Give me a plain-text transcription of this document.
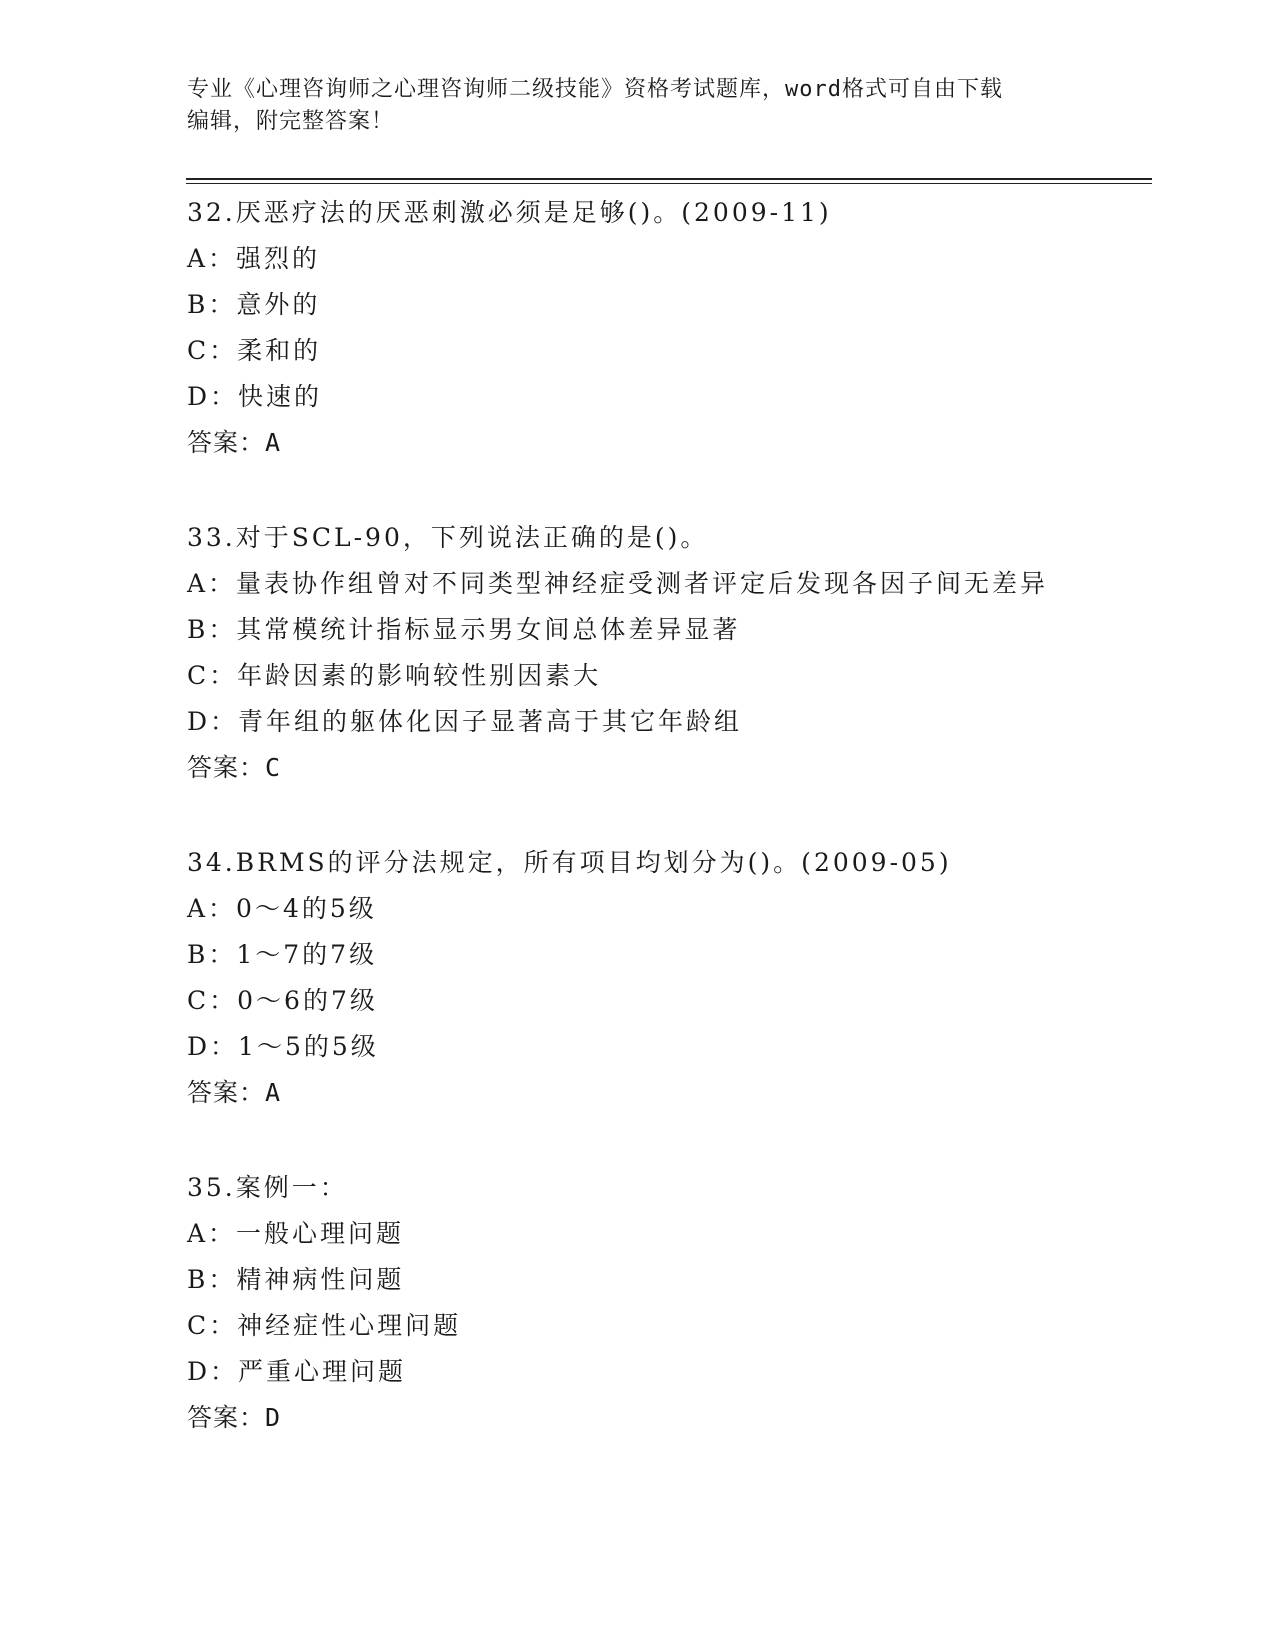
专业《心理咨询师之心理咨询师二级技能》资格考试题库，word格式可自由下载
编辑，附完整答案！
32.厌恶疗法的厌恶刺激必须是足够()。(2009-11)
A：强烈的
B：意外的
C：柔和的
D：快速的
答案：A
33.对于SCL-90，下列说法正确的是()。
A：量表协作组曾对不同类型神经症受测者评定后发现各因子间无差异
B：其常模统计指标显示男女间总体差异显著
C：年龄因素的影响较性别因素大
D：青年组的躯体化因子显著高于其它年龄组
答案：C
34.BRMS的评分法规定，所有项目均划分为()。(2009-05)
A：0～4的5级
B：1～7的7级
C：0～6的7级
D：1～5的5级
答案：A
35.案例一：
A：一般心理问题
B：精神病性问题
C：神经症性心理问题
D：严重心理问题
答案：D
